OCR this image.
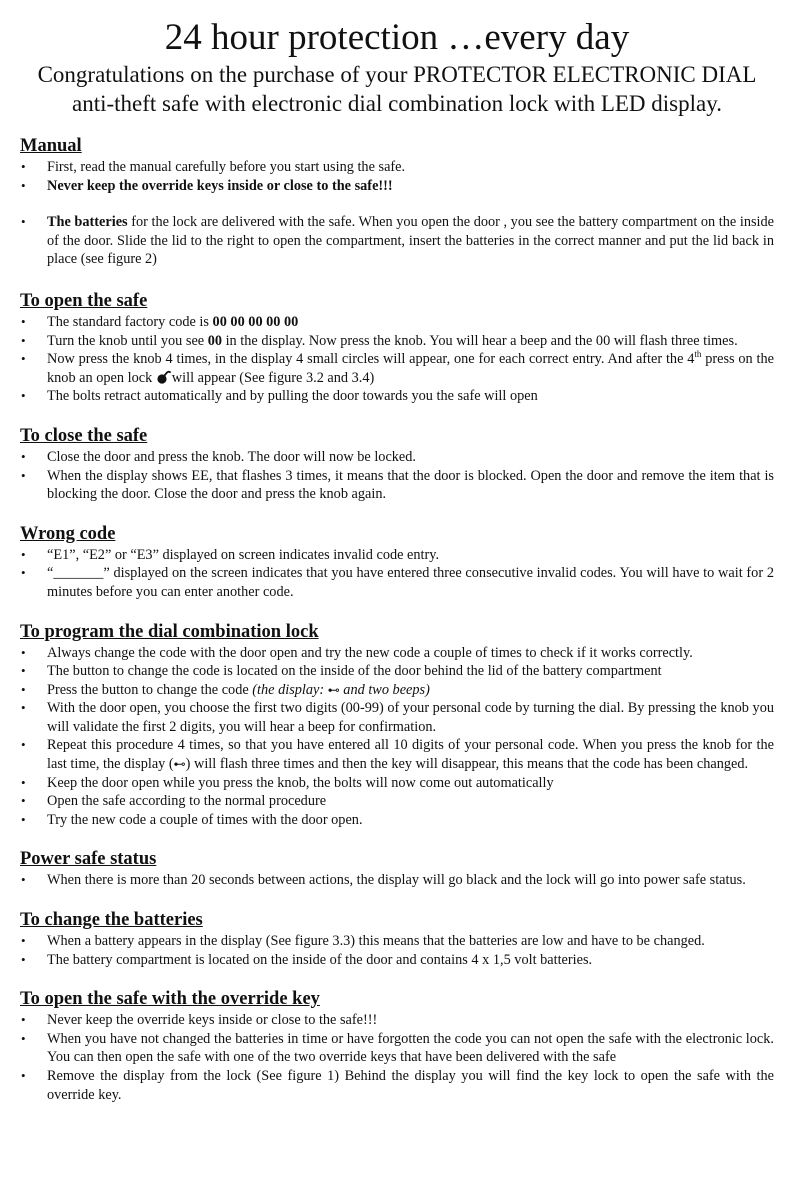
24 hour protection …every day
Congratulations on the purchase of your PROTECTOR ELECTRONIC DIAL
anti-theft safe with electronic dial combination lock with LED display.
Manual
• First, read the manual carefully before you start using the safe.
• Never keep the override keys inside or close to the safe!!!
• The batteries for the lock are delivered with the safe. When you open the door , you see the battery compartment on the inside of the door. Slide the lid to the right to open the compartment, insert the batteries in the correct manner and put the lid back in place (see figure 2)
To open the safe
• The standard factory code is 00 00 00 00 00
• Turn the knob until you see 00 in the display. Now press the knob. You will hear a beep and the 00 will flash three times.
• Now press the knob 4 times, in the display 4 small circles will appear, one for each correct entry. And after the 4th press on the knob an open lock will appear (See figure 3.2 and 3.4)
• The bolts retract automatically and by pulling the door towards you the safe will open
To close the safe
• Close the door and press the knob. The door will now be locked.
• When the display shows EE, that flashes 3 times, it means that the door is blocked. Open the door and remove the item that is blocking the door. Close the door and press the knob again.
Wrong code
• “E1”, “E2” or “E3” displayed on screen indicates invalid code entry.
• “_______” displayed on the screen indicates that you have entered three consecutive invalid codes. You will have to wait for 2 minutes before you can enter another code.
To program the dial combination lock
• Always change the code with the door open and try the new code a couple of times to check if it works correctly.
• The button to change the code is located on the inside of the door behind the lid of the battery compartment
• Press the button to change the code (the display: ⊷ and two beeps)
• With the door open, you choose the first two digits (00-99) of your personal code by turning the dial. By pressing the knob you will validate the first 2 digits, you will hear a beep for confirmation.
• Repeat this procedure 4 times, so that you have entered all 10 digits of your personal code. When you press the knob for the last time, the display (⊷) will flash three times and then the key will disappear, this means that the code has been changed.
• Keep the door open while you press the knob, the bolts will now come out automatically
• Open the safe according to the normal procedure
• Try the new code a couple of times with the door open.
Power safe status
• When there is more than 20 seconds between actions, the display will go black and the lock will go into power safe status.
To change the batteries
• When a battery appears in the display (See figure 3.3) this means that the batteries are low and have to be changed.
• The battery compartment is located on the inside of the door and contains 4 x 1,5 volt batteries.
To open the safe with the override key
• Never keep the override keys inside or close to the safe!!!
• When you have not changed the batteries in time or have forgotten the code you can not open the safe with the electronic lock. You can then open the safe with one of the two override keys that have been delivered with the safe
• Remove the display from the lock (See figure 1) Behind the display you will find the key lock to open the safe with the override key.
